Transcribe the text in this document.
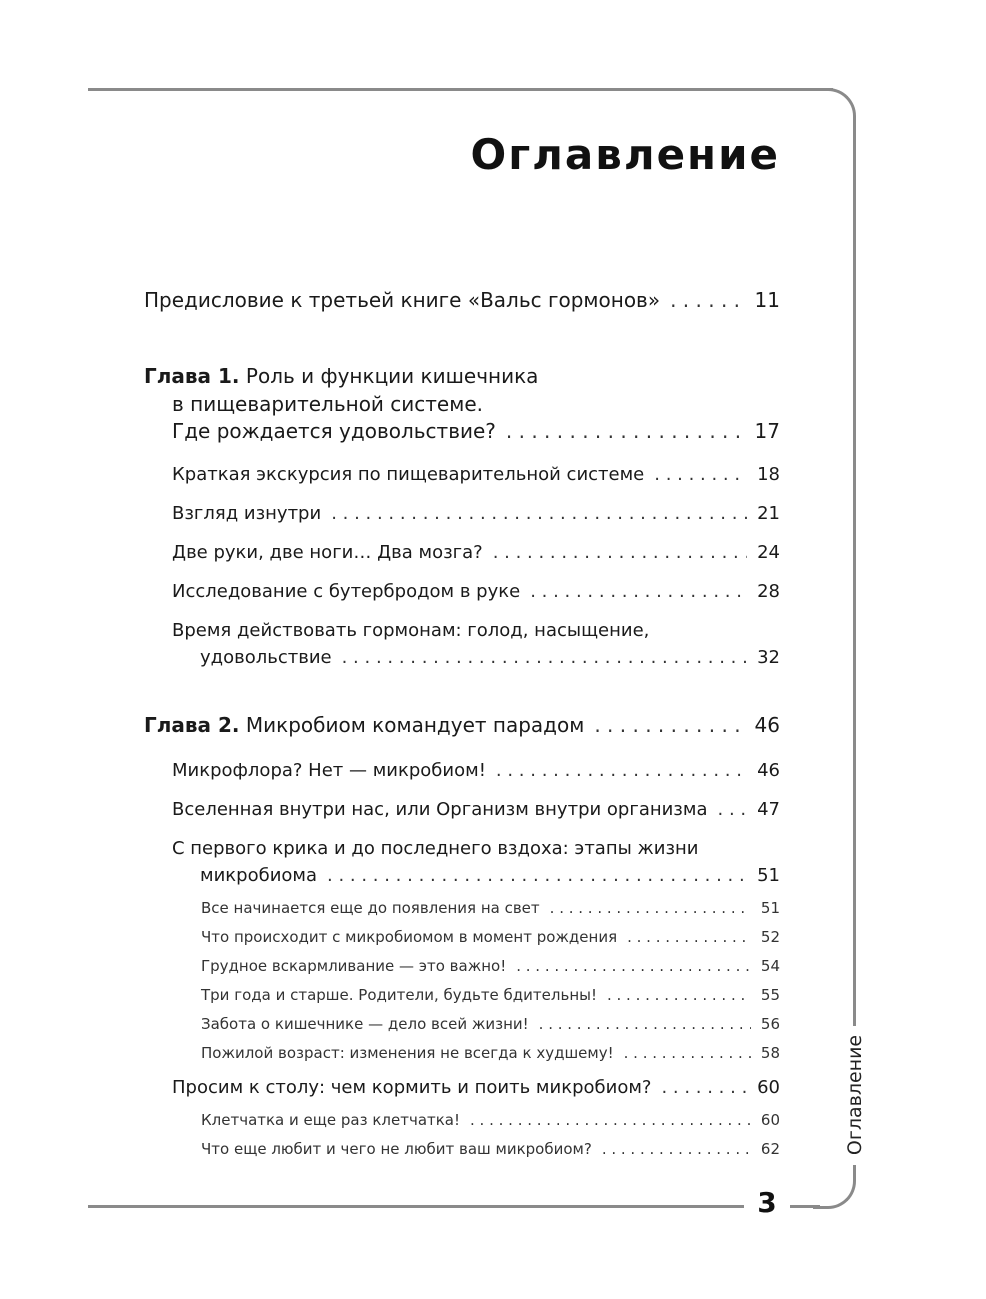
3
Оглавление
Оглавление
Предисловие к третьей книге «Вальс гормонов» . . .	11
Глава 1. Роль и функции кишечника
в пищеварительной системе.
Где рождается удовольствие? . . .	17
Краткая экскурсия по пищеварительной системе . . .	18
Взгляд изнутри . . .	21
Две руки, две ноги… Два мозга? . . .	24
Исследование с бутербродом в руке . . .	28
Время действовать гормонам: голод, насыщение,
удовольствие . . .	32
Глава 2. Микробиом командует парадом . . .	46
Микрофлора? Нет — микробиом! . . .	46
Вселенная внутри нас, или Организм внутри организма . . .	47
С первого крика и до последнего вздоха: этапы жизни
микробиома . . .	51
Все начинается еще до появления на свет . . .	51
Что происходит с микробиомом в момент рождения . . .	52
Грудное вскармливание — это важно! . . .	54
Три года и старше. Родители, будьте бдительны! . . .	55
Забота о кишечнике — дело всей жизни! . . .	56
Пожилой возраст: изменения не всегда к худшему! . . .	58
Просим к столу: чем кормить и поить микробиом? . . .	60
Клетчатка и еще раз клетчатка! . . .	60
Что еще любит и чего не любит ваш микробиом? . . .	62
